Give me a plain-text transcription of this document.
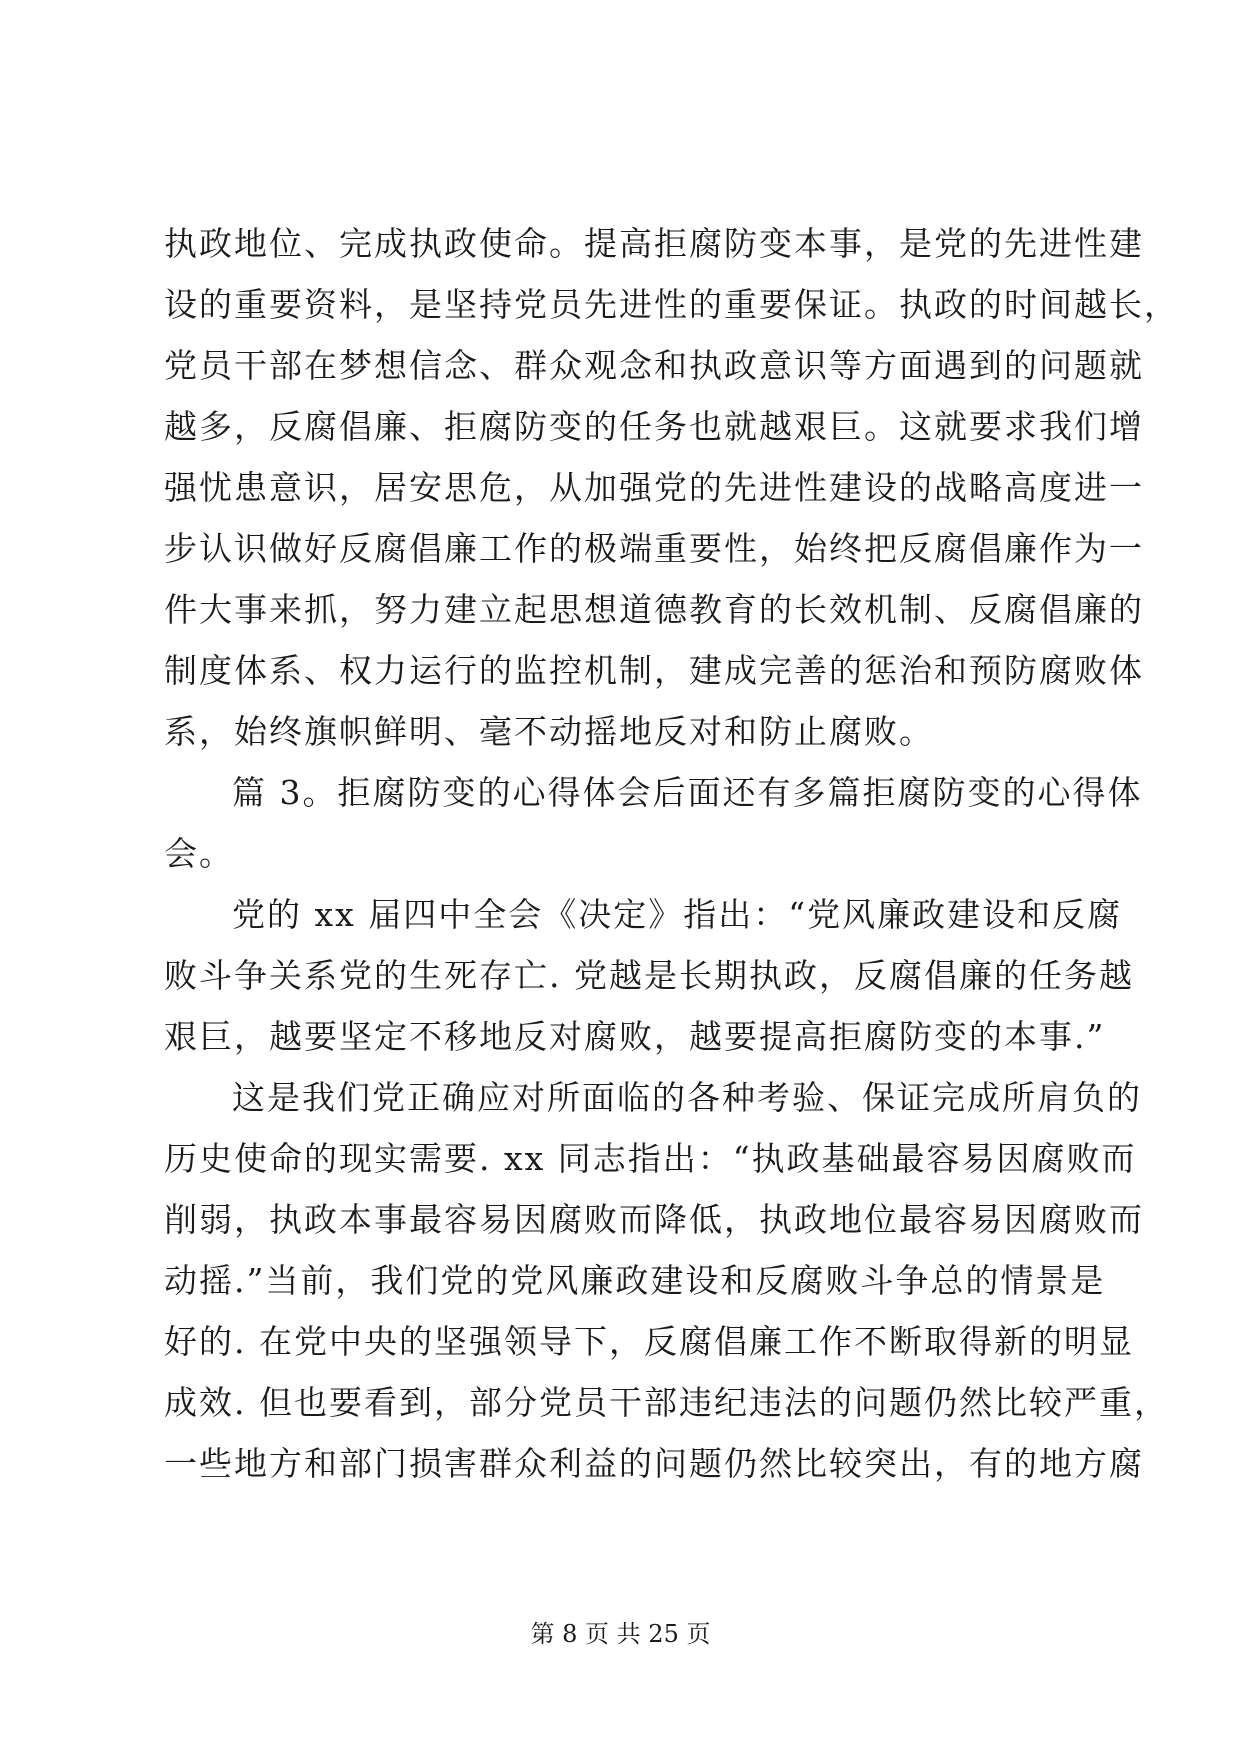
执政地位、完成执政使命。提高拒腐防变本事，是党的先进性建
设的重要资料，是坚持党员先进性的重要保证。执政的时间越长，
党员干部在梦想信念、群众观念和执政意识等方面遇到的问题就
越多，反腐倡廉、拒腐防变的任务也就越艰巨。这就要求我们增
强忧患意识，居安思危，从加强党的先进性建设的战略高度进一
步认识做好反腐倡廉工作的极端重要性，始终把反腐倡廉作为一
件大事来抓，努力建立起思想道德教育的长效机制、反腐倡廉的
制度体系、权力运行的监控机制，建成完善的惩治和预防腐败体
系，始终旗帜鲜明、毫不动摇地反对和防止腐败。
篇 3。拒腐防变的心得体会后面还有多篇拒腐防变的心得体
会。
党的 xx 届四中全会《决定》指出：“党风廉政建设和反腐
败斗争关系党的生死存亡. 党越是长期执政，反腐倡廉的任务越
艰巨，越要坚定不移地反对腐败，越要提高拒腐防变的本事.”
这是我们党正确应对所面临的各种考验、保证完成所肩负的
历史使命的现实需要. xx 同志指出：“执政基础最容易因腐败而
削弱，执政本事最容易因腐败而降低，执政地位最容易因腐败而
动摇.”当前，我们党的党风廉政建设和反腐败斗争总的情景是
好的. 在党中央的坚强领导下，反腐倡廉工作不断取得新的明显
成效. 但也要看到，部分党员干部违纪违法的问题仍然比较严重，
一些地方和部门损害群众利益的问题仍然比较突出，有的地方腐
第 8 页 共 25 页
